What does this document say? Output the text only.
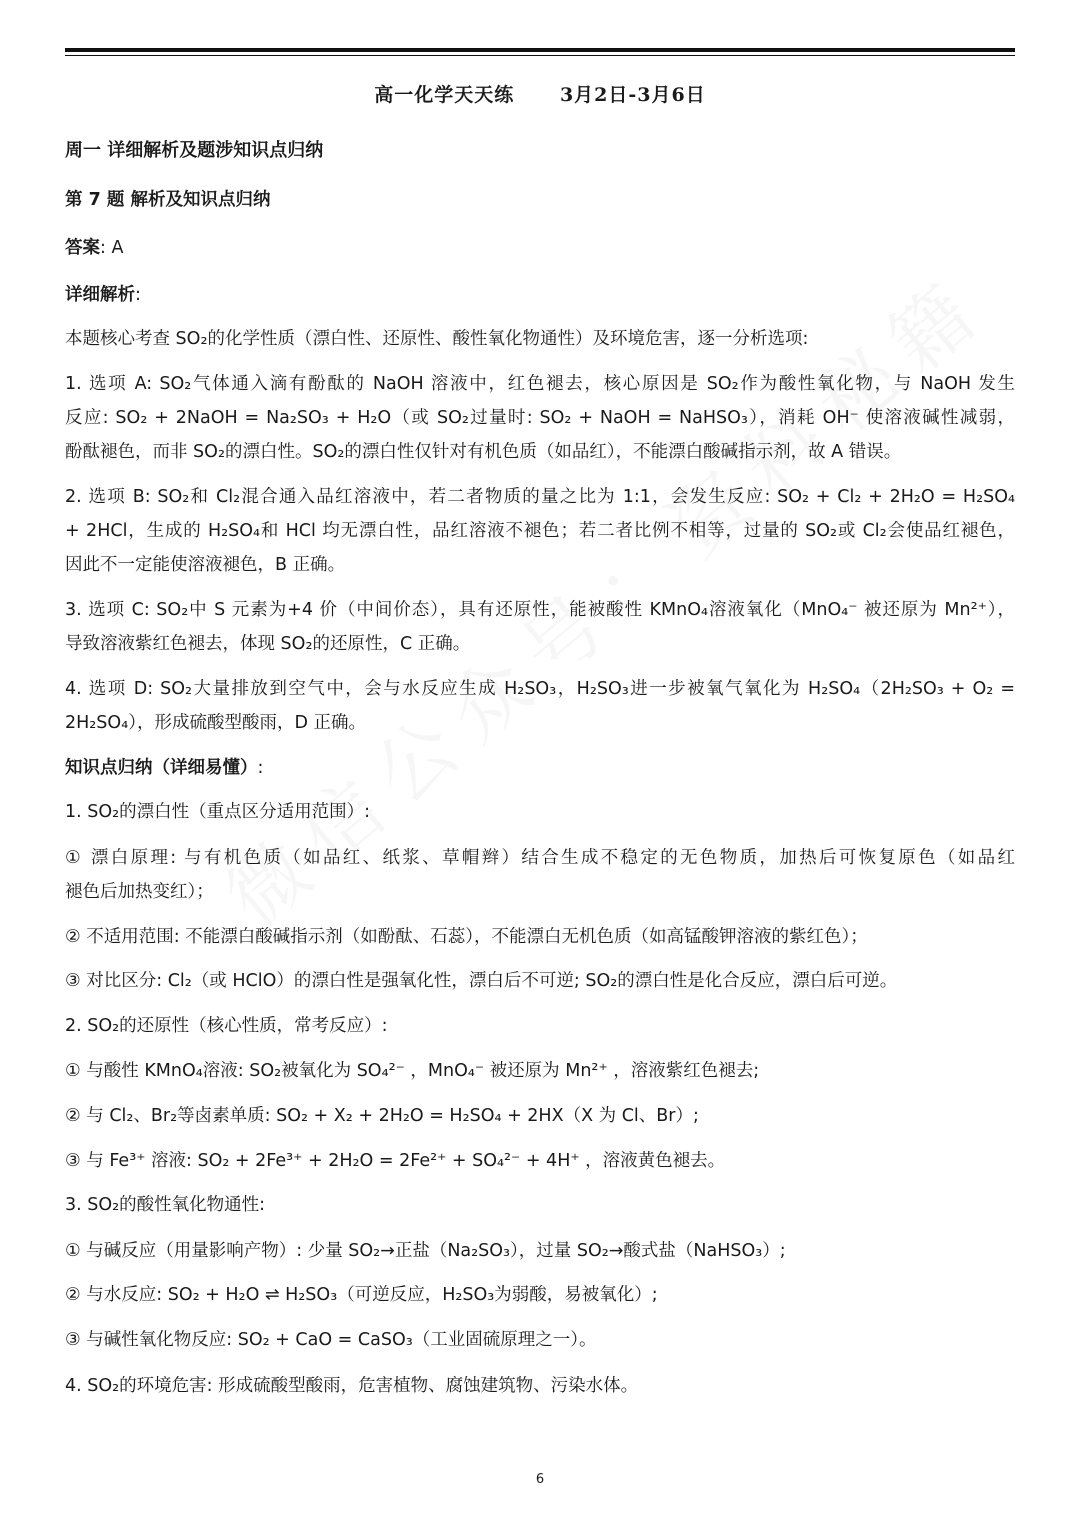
高一化学天天练      3月2日-3月6日
周一 详细解析及题涉知识点归纳
第 7 题 解析及知识点归纳
答案: A
详细解析:
本题核心考查 SO₂的化学性质（漂白性、还原性、酸性氧化物通性）及环境危害，逐一分析选项:
1. 选项 A: SO₂气体通入滴有酚酞的 NaOH 溶液中，红色褪去，核心原因是 SO₂作为酸性氧化物，与 NaOH 发生
反应: SO₂ + 2NaOH = Na₂SO₃ + H₂O（或 SO₂过量时: SO₂ + NaOH = NaHSO₃），消耗 OH⁻ 使溶液碱性减弱，
酚酞褪色，而非 SO₂的漂白性。SO₂的漂白性仅针对有机色质（如品红），不能漂白酸碱指示剂，故 A 错误。
2. 选项 B: SO₂和 Cl₂混合通入品红溶液中，若二者物质的量之比为 1:1，会发生反应: SO₂ + Cl₂ + 2H₂O = H₂SO₄
+ 2HCl，生成的 H₂SO₄和 HCl 均无漂白性，品红溶液不褪色；若二者比例不相等，过量的 SO₂或 Cl₂会使品红褪色，
因此不一定能使溶液褪色，B 正确。
3. 选项 C: SO₂中 S 元素为+4 价（中间价态），具有还原性，能被酸性 KMnO₄溶液氧化（MnO₄⁻ 被还原为 Mn²⁺），
导致溶液紫红色褪去，体现 SO₂的还原性，C 正确。
4. 选项 D: SO₂大量排放到空气中，会与水反应生成 H₂SO₃，H₂SO₃进一步被氧气氧化为 H₂SO₄（2H₂SO₃ + O₂ =
2H₂SO₄），形成硫酸型酸雨，D 正确。
知识点归纳（详细易懂）:
1. SO₂的漂白性（重点区分适用范围）:
① 漂白原理: 与有机色质（如品红、纸浆、草帽辫）结合生成不稳定的无色物质，加热后可恢复原色（如品红
褪色后加热变红）；
② 不适用范围: 不能漂白酸碱指示剂（如酚酞、石蕊），不能漂白无机色质（如高锰酸钾溶液的紫红色）；
③ 对比区分: Cl₂（或 HClO）的漂白性是强氧化性，漂白后不可逆; SO₂的漂白性是化合反应，漂白后可逆。
2. SO₂的还原性（核心性质，常考反应）:
① 与酸性 KMnO₄溶液: SO₂被氧化为 SO₄²⁻ ，MnO₄⁻ 被还原为 Mn²⁺ ，溶液紫红色褪去;
② 与 Cl₂、Br₂等卤素单质: SO₂ + X₂ + 2H₂O = H₂SO₄ + 2HX（X 为 Cl、Br）;
③ 与 Fe³⁺ 溶液: SO₂ + 2Fe³⁺ + 2H₂O = 2Fe²⁺ + SO₄²⁻ + 4H⁺ ，溶液黄色褪去。
3. SO₂的酸性氧化物通性:
① 与碱反应（用量影响产物）: 少量 SO₂→正盐（Na₂SO₃），过量 SO₂→酸式盐（NaHSO₃）;
② 与水反应: SO₂ + H₂O ⇌ H₂SO₃（可逆反应，H₂SO₃为弱酸，易被氧化）;
③ 与碱性氧化物反应: SO₂ + CaO = CaSO₃（工业固硫原理之一）。
4. SO₂的环境危害: 形成硫酸型酸雨，危害植物、腐蚀建筑物、污染水体。
6
